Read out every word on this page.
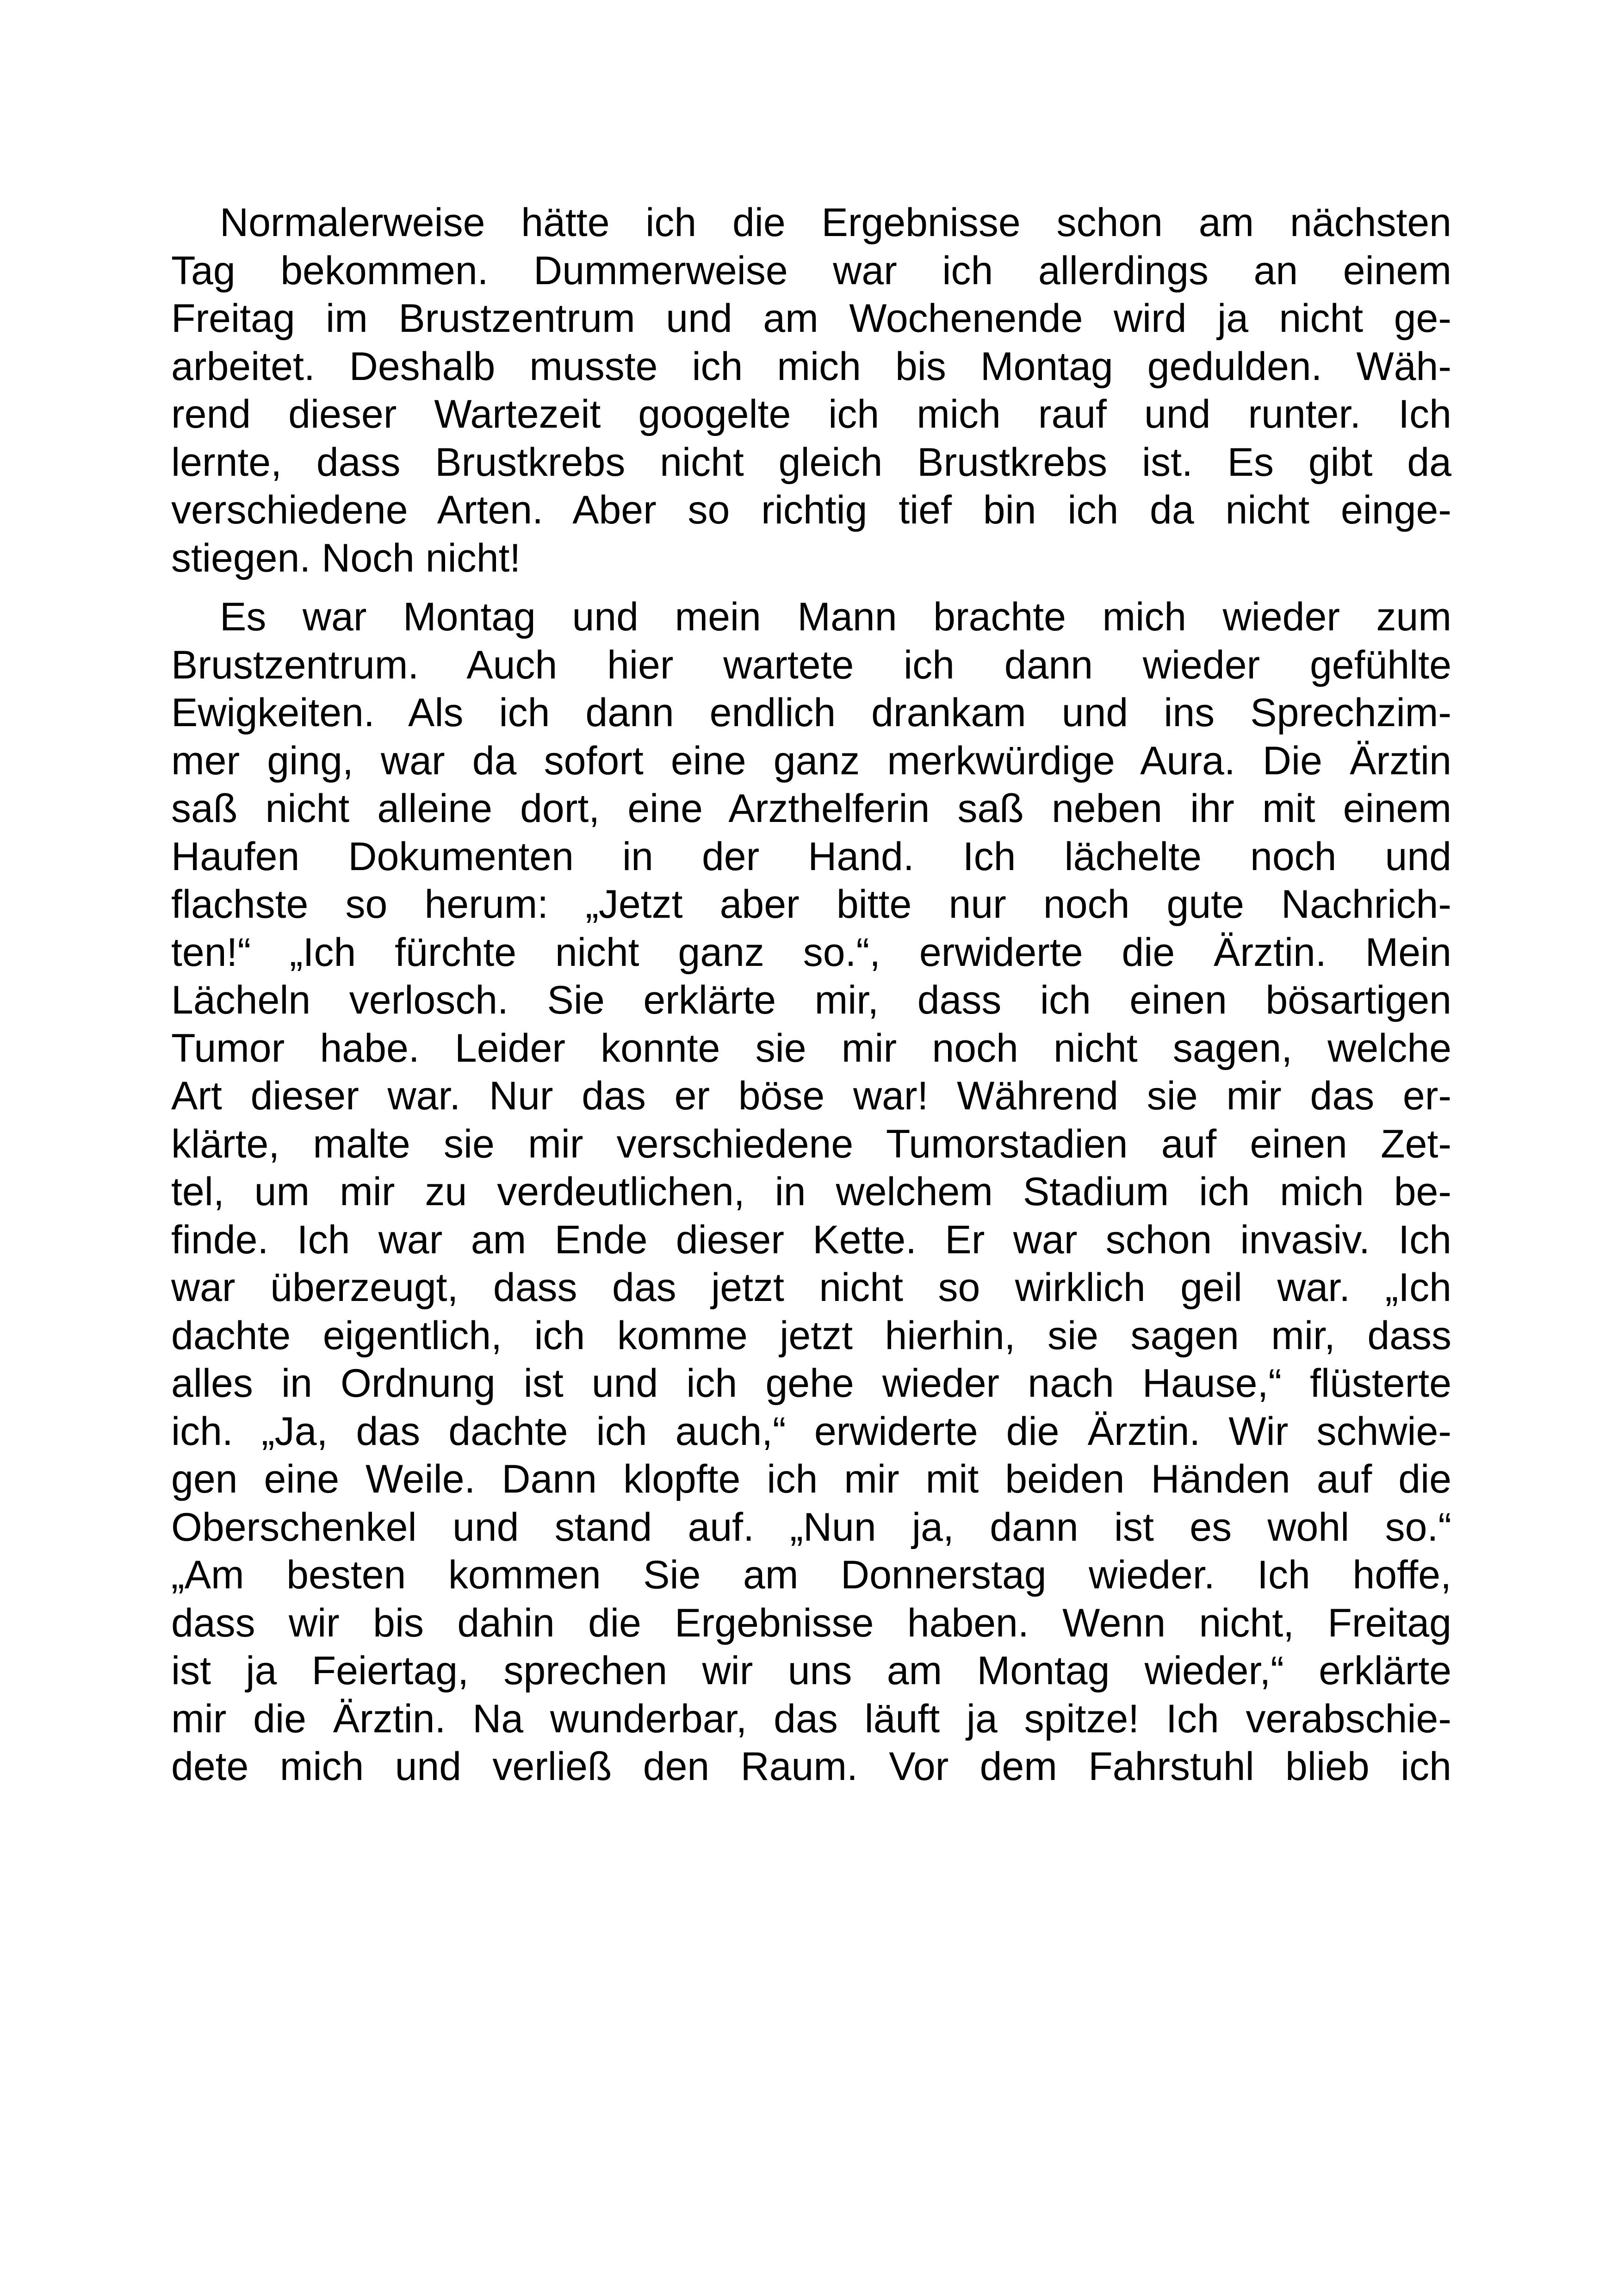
Normalerweise hätte ich die Ergebnisse schon am nächsten
Tag bekommen. Dummerweise war ich allerdings an einem
Freitag im Brustzentrum und am Wochenende wird ja nicht ge-
arbeitet. Deshalb musste ich mich bis Montag gedulden. Wäh-
rend dieser Wartezeit googelte ich mich rauf und runter. Ich
lernte, dass Brustkrebs nicht gleich Brustkrebs ist. Es gibt da
verschiedene Arten. Aber so richtig tief bin ich da nicht einge-
stiegen. Noch nicht!
Es war Montag und mein Mann brachte mich wieder zum
Brustzentrum. Auch hier wartete ich dann wieder gefühlte
Ewigkeiten. Als ich dann endlich drankam und ins Sprechzim-
mer ging, war da sofort eine ganz merkwürdige Aura. Die Ärztin
saß nicht alleine dort, eine Arzthelferin saß neben ihr mit einem
Haufen Dokumenten in der Hand. Ich lächelte noch und
flachste so herum: „Jetzt aber bitte nur noch gute Nachrich-
ten!“ „Ich fürchte nicht ganz so.“, erwiderte die Ärztin. Mein
Lächeln verlosch. Sie erklärte mir, dass ich einen bösartigen
Tumor habe. Leider konnte sie mir noch nicht sagen, welche
Art dieser war. Nur das er böse war! Während sie mir das er-
klärte, malte sie mir verschiedene Tumorstadien auf einen Zet-
tel, um mir zu verdeutlichen, in welchem Stadium ich mich be-
finde. Ich war am Ende dieser Kette. Er war schon invasiv. Ich
war überzeugt, dass das jetzt nicht so wirklich geil war. „Ich
dachte eigentlich, ich komme jetzt hierhin, sie sagen mir, dass
alles in Ordnung ist und ich gehe wieder nach Hause,“ flüsterte
ich. „Ja, das dachte ich auch,“ erwiderte die Ärztin. Wir schwie-
gen eine Weile. Dann klopfte ich mir mit beiden Händen auf die
Oberschenkel und stand auf. „Nun ja, dann ist es wohl so.“
„Am besten kommen Sie am Donnerstag wieder. Ich hoffe,
dass wir bis dahin die Ergebnisse haben. Wenn nicht, Freitag
ist ja Feiertag, sprechen wir uns am Montag wieder,“ erklärte
mir die Ärztin. Na wunderbar, das läuft ja spitze! Ich verabschie-
dete mich und verließ den Raum. Vor dem Fahrstuhl blieb ich
